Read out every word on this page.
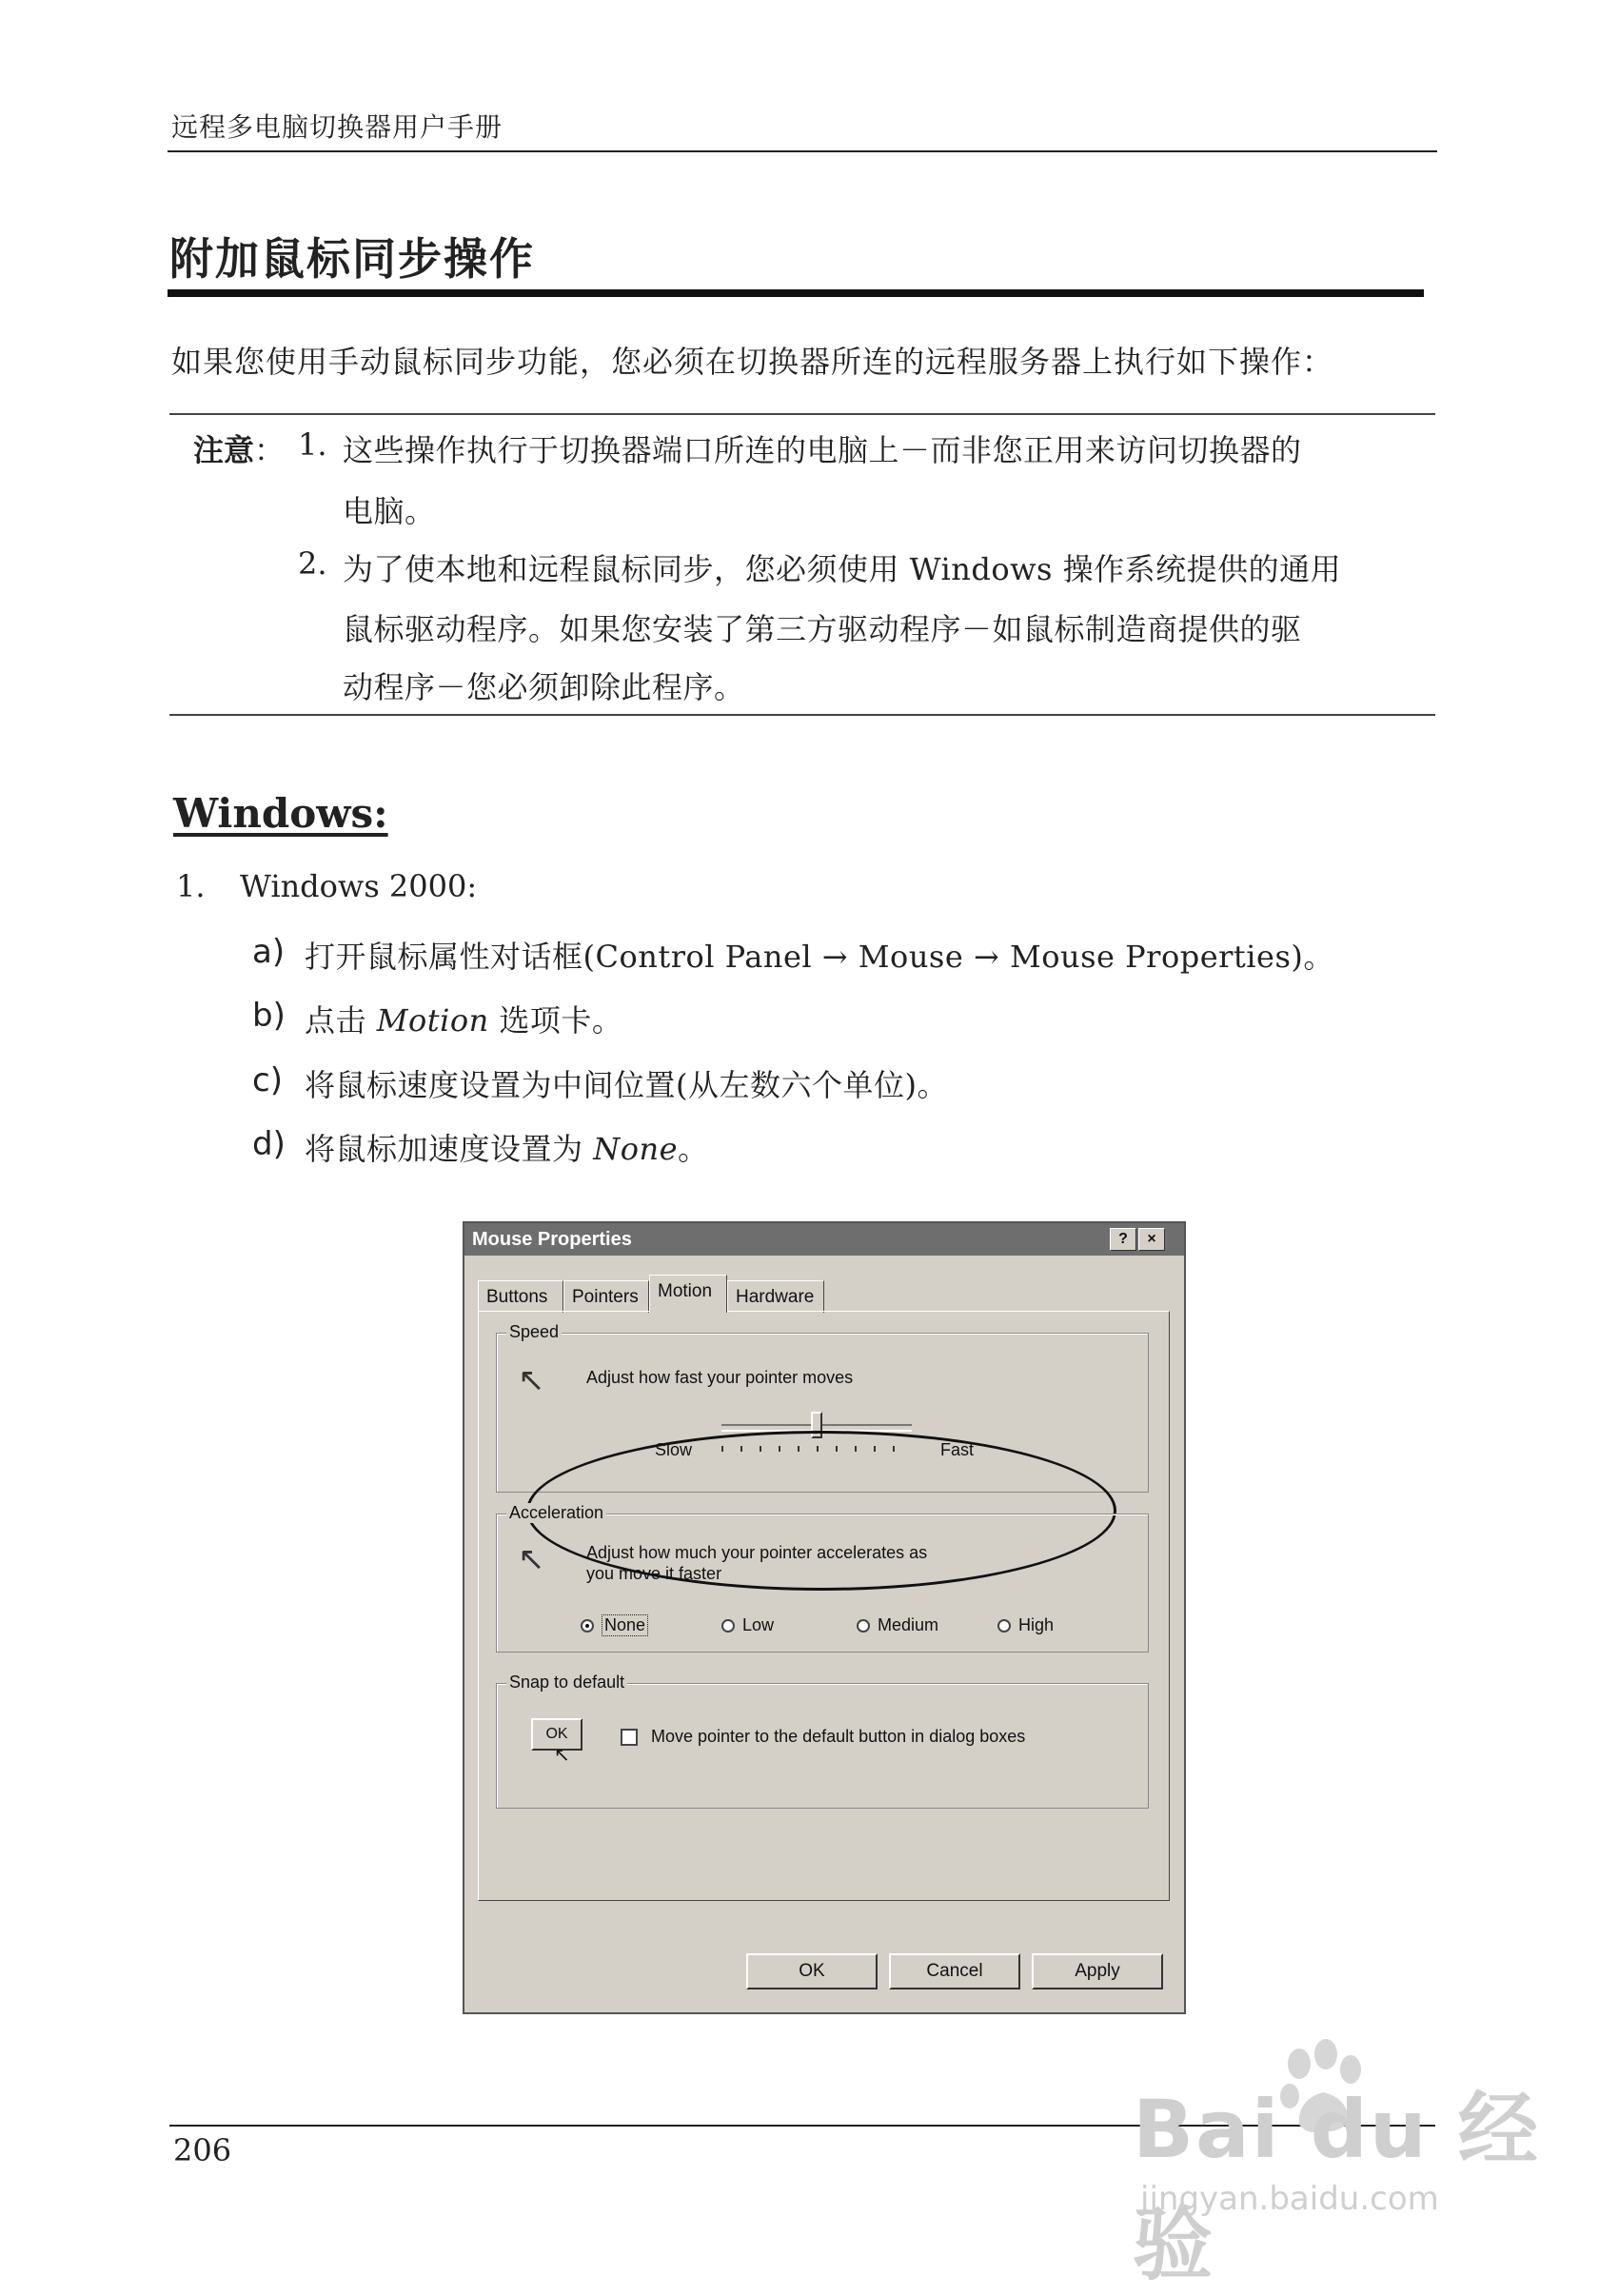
远程多电脑切换器用户手册
附加鼠标同步操作
如果您使用手动鼠标同步功能，您必须在切换器所连的远程服务器上执行如下操作：
注意： 1. 这些操作执行于切换器端口所连的电脑上－而非您正用来访问切换器的
电脑。
2. 为了使本地和远程鼠标同步，您必须使用 Windows 操作系统提供的通用
鼠标驱动程序。如果您安装了第三方驱动程序－如鼠标制造商提供的驱
动程序－您必须卸除此程序。
Windows:
1. Windows 2000:
a) 打开鼠标属性对话框(Control Panel → Mouse → Mouse Properties)。
b) 点击 Motion 选项卡。
c) 将鼠标速度设置为中间位置(从左数六个单位)。
d) 将鼠标加速度设置为 None。
Mouse Properties	?	×
Buttons	Pointers	Motion	Hardware
Speed
↖ Adjust how fast your pointer moves
Slow	Fast
Acceleration
↖ Adjust how much your pointer accelerates as
you move it faster
None	Low	Medium	High
Snap to default
OK
↖
Move pointer to the default button in dialog boxes
OK	Cancel	Apply
206	Bai du 经验
jingyan.baidu.com
